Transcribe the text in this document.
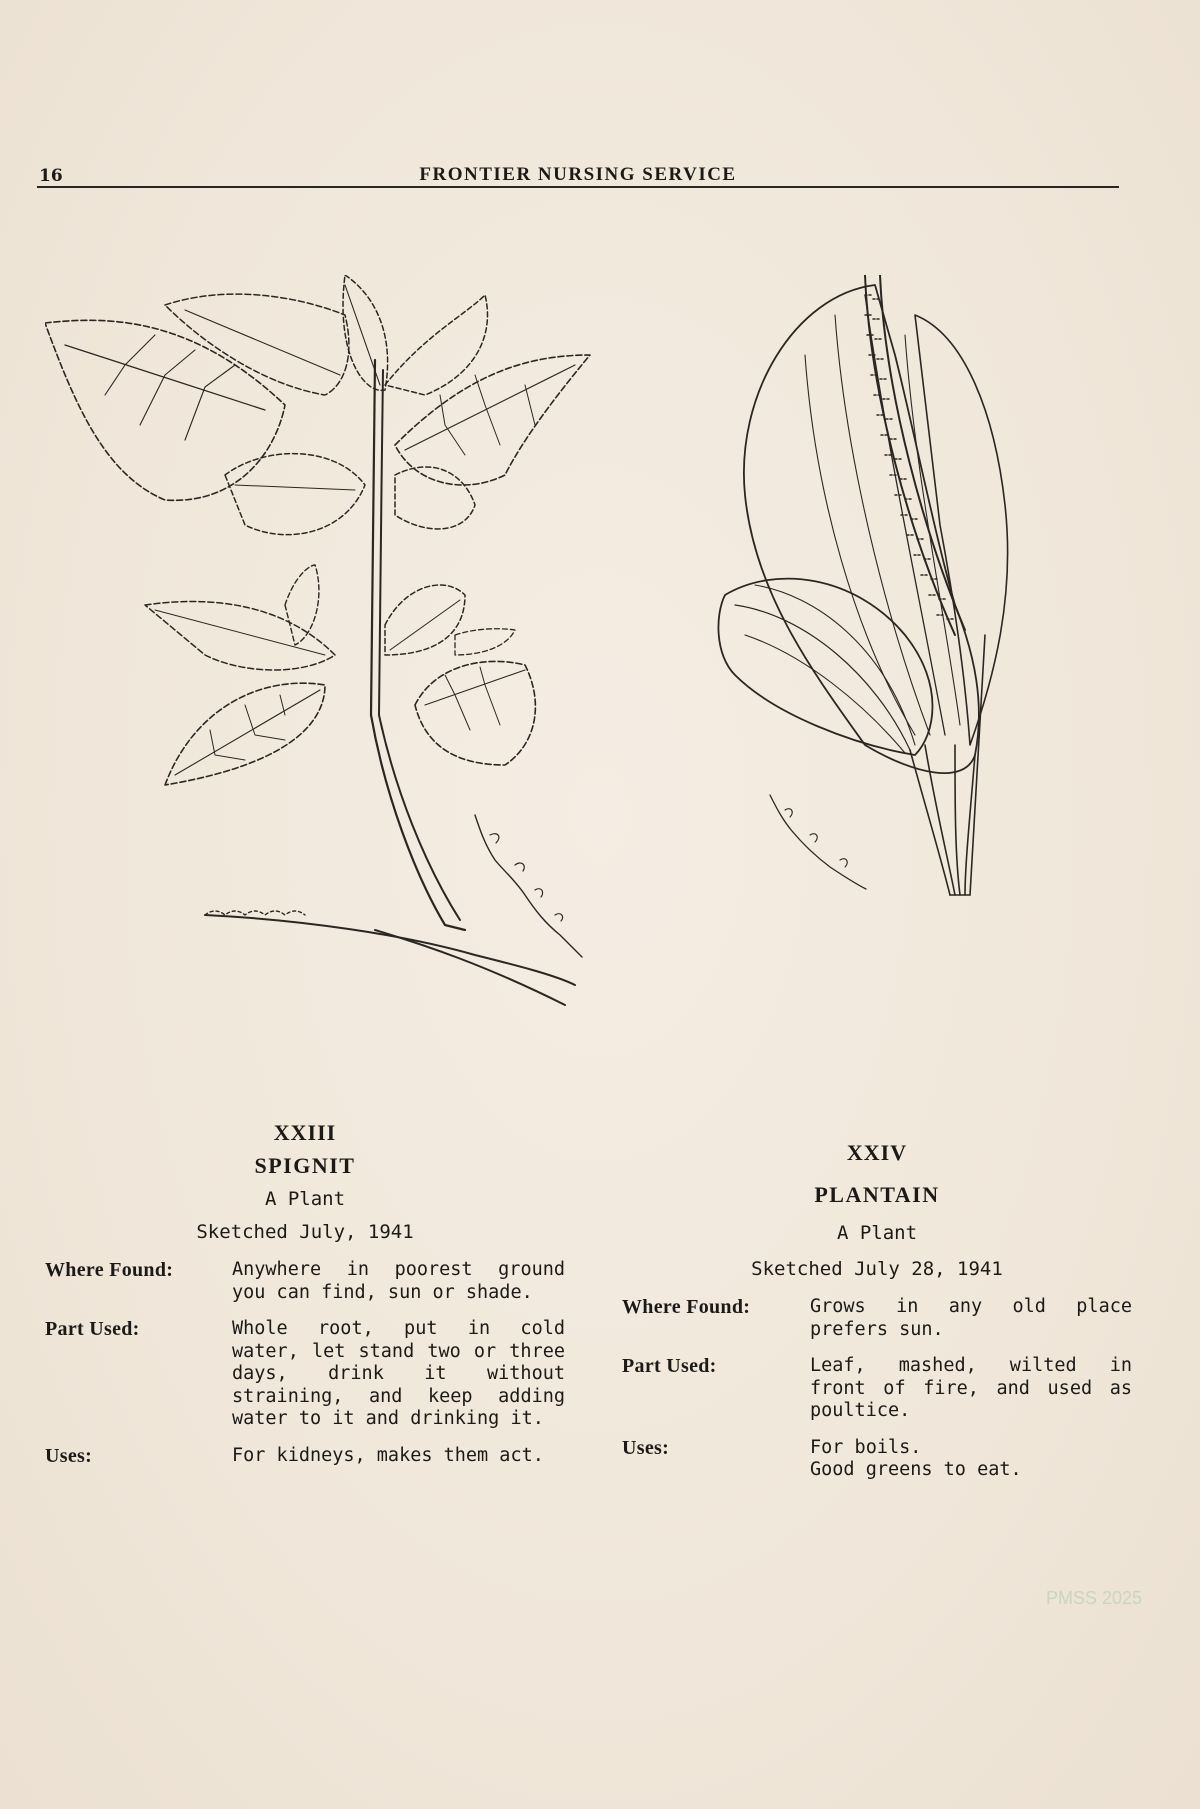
16	FRONTIER NURSING SERVICE
XXIII
SPIGNIT
A Plant
Sketched July, 1941
Where Found:	Anywhere in poorest ground you can find, sun or shade.
Part Used:	Whole root, put in cold water, let stand two or three days, drink it without straining, and keep adding water to it and drinking it.
Uses:	For kidneys, makes them act.
XXIV
PLANTAIN
A Plant
Sketched July 28, 1941
Where Found:	Grows in any old place prefers sun.
Part Used:	Leaf, mashed, wilted in front of fire, and used as poultice.
Uses:	For boils.
Good greens to eat.
PMSS 2025
